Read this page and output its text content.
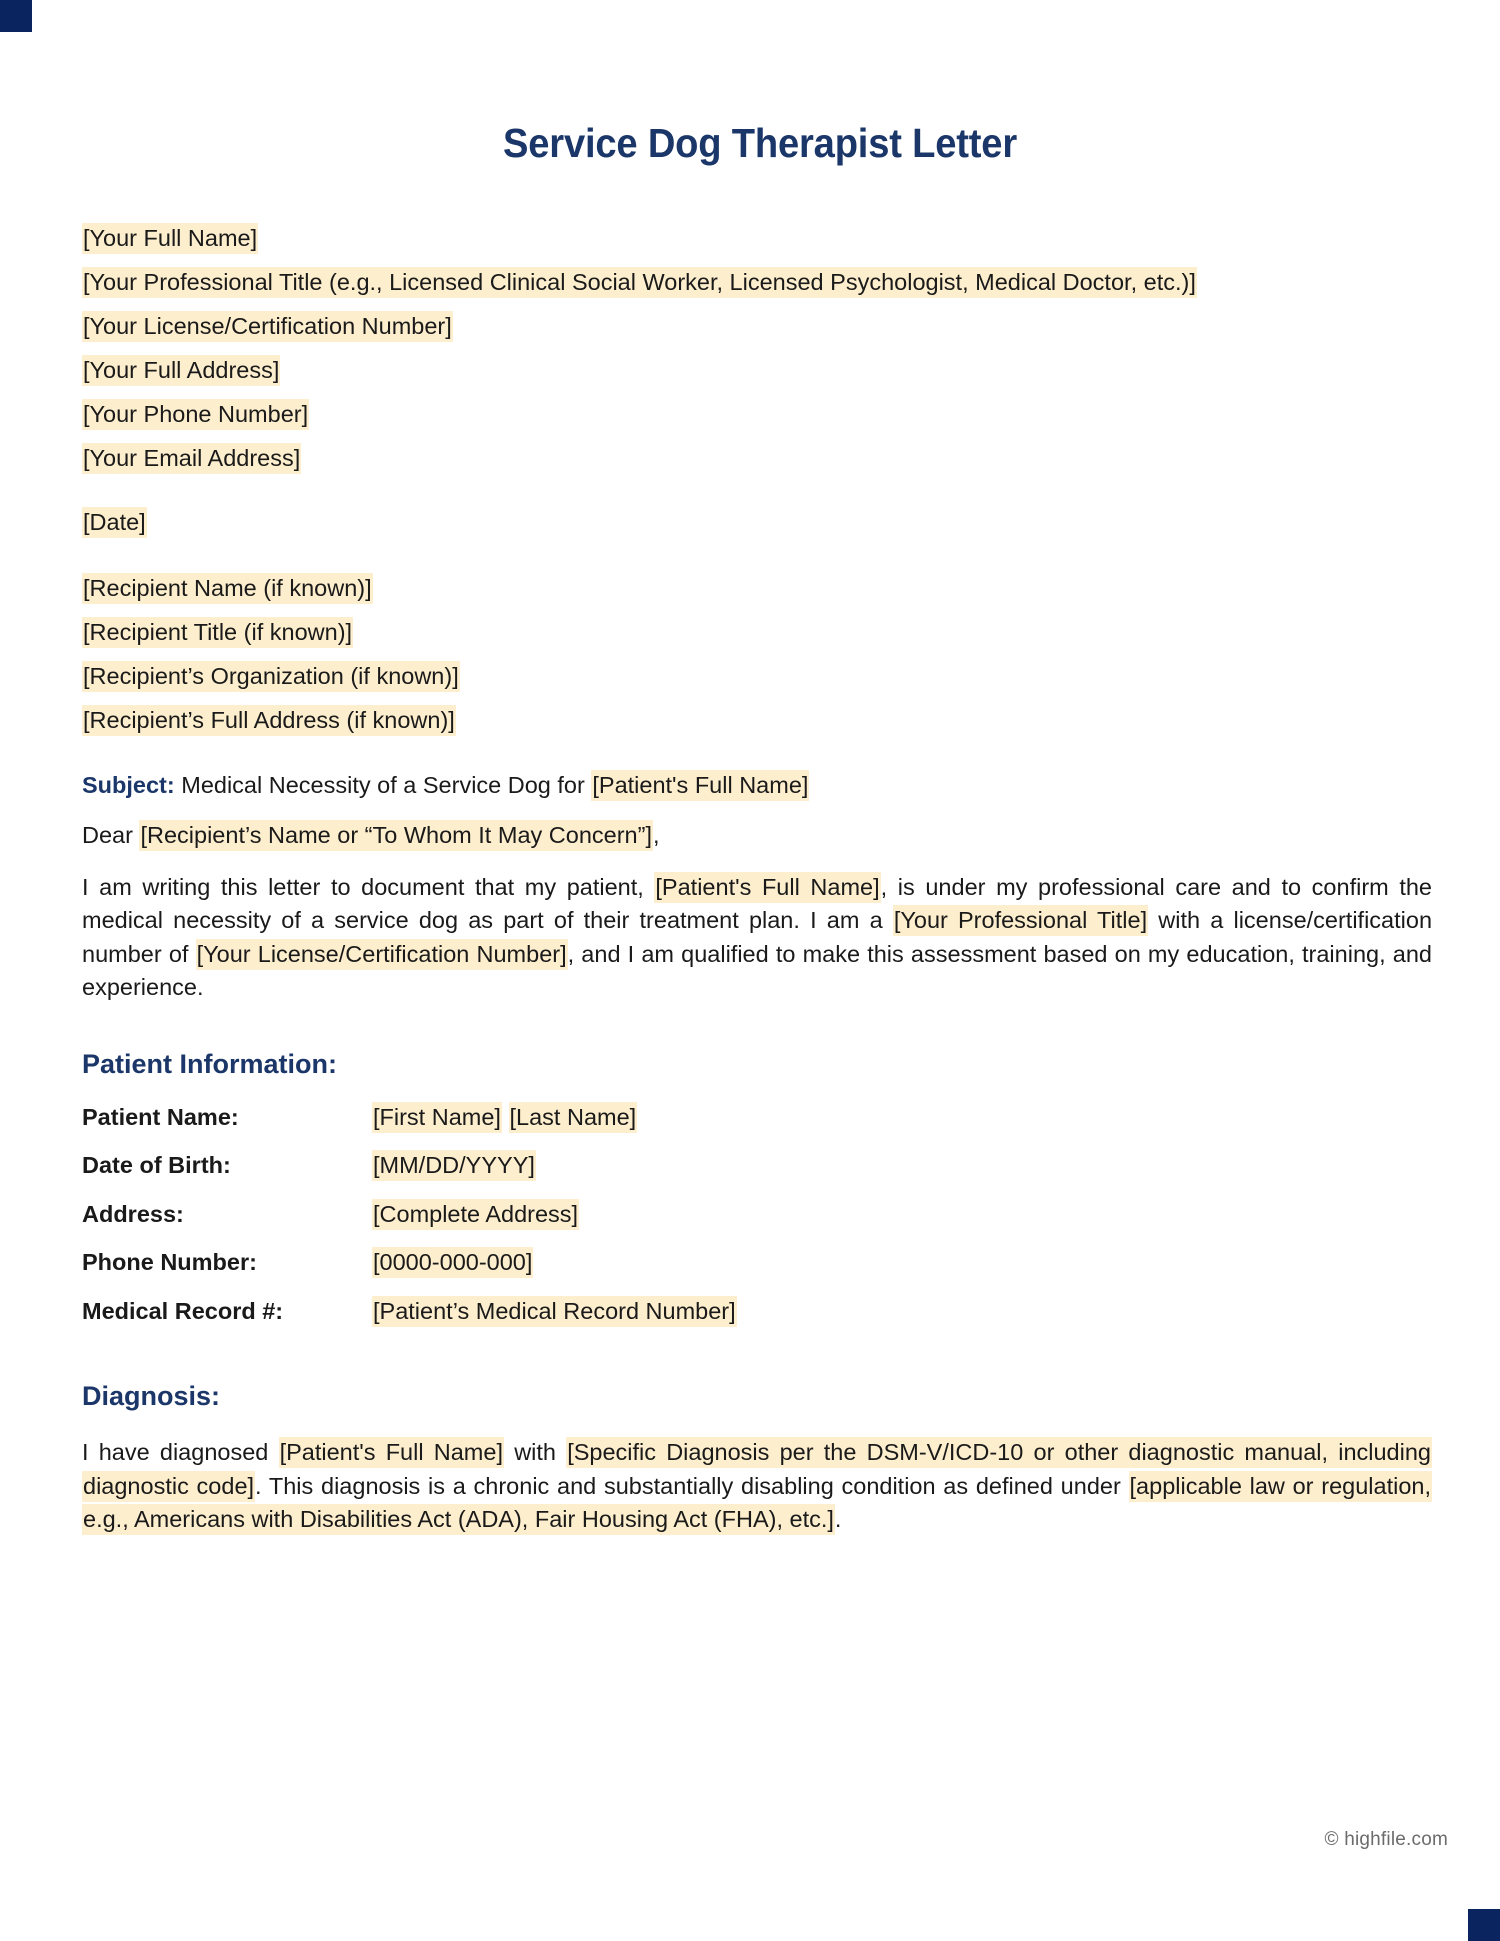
Service Dog Therapist Letter

[Your Full Name]

[Your Professional Title (e.g., Licensed Clinical Social Worker, Licensed Psychologist, Medical Doctor, etc.)]

[Your License/Certification Number]

[Your Full Address]

[Your Phone Number]

[Your Email Address]

[Date]

[Recipient Name (if known)]

[Recipient Title (if known)]

[Recipient’s Organization (if known)]

[Recipient’s Full Address (if known)]

Subject: Medical Necessity of a Service Dog for [Patient's Full Name]

Dear [Recipient’s Name or “To Whom It May Concern”],

I am writing this letter to document that my patient, [Patient's Full Name], is under my professional care and to confirm the medical necessity of a service dog as part of their treatment plan. I am a [Your Professional Title] with a license/certification number of [Your License/Certification Number], and I am qualified to make this assessment based on my education, training, and experience.

Patient Information:
Patient Name:	[First Name] [Last Name]
Date of Birth:	[MM/DD/YYYY]
Address:	[Complete Address]
Phone Number:	[0000-000-000]
Medical Record #:	[Patient’s Medical Record Number]
Diagnosis:

I have diagnosed [Patient's Full Name] with [Specific Diagnosis per the DSM-V/ICD-10 or other diagnostic manual, including diagnostic code]. This diagnosis is a chronic and substantially disabling condition as defined under [applicable law or regulation, e.g., Americans with Disabilities Act (ADA), Fair Housing Act (FHA), etc.].

© highfile.com
